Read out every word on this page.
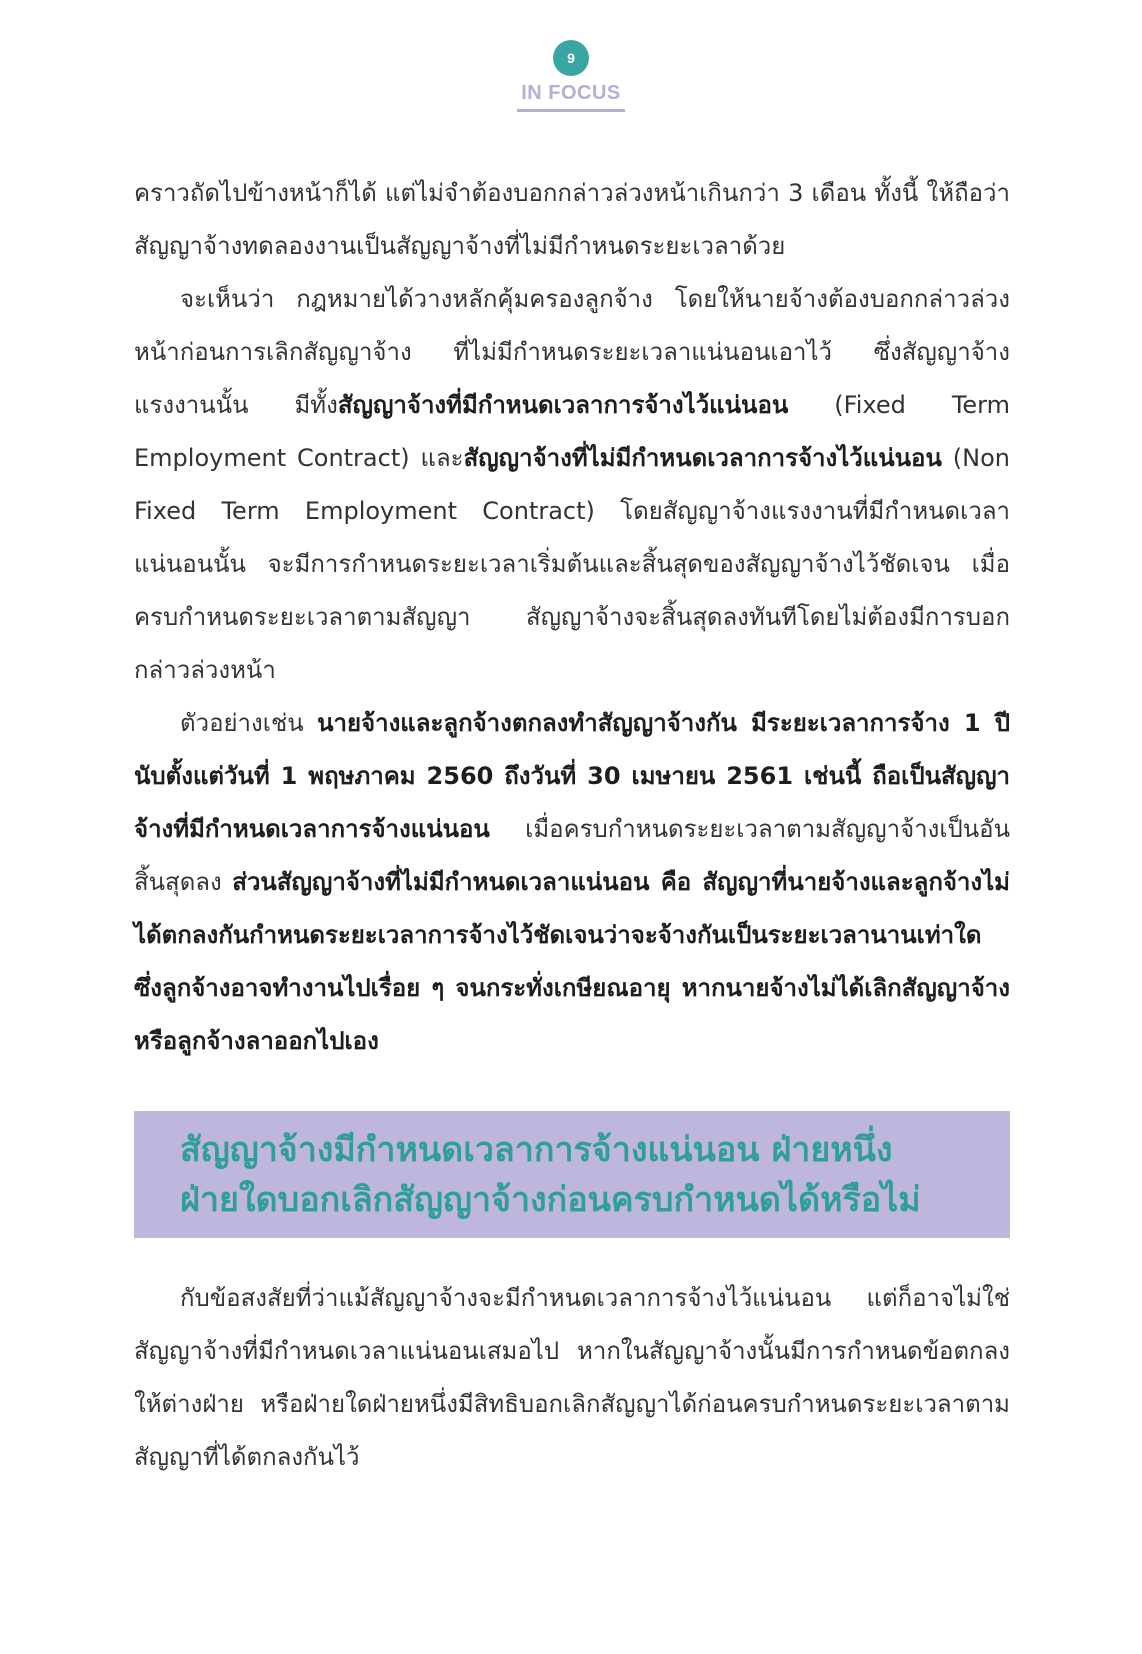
9
IN FOCUS

คราวถัดไปข้างหน้าก็ได้ แต่ไม่จำต้องบอกกล่าวล่วงหน้าเกินกว่า 3 เดือน ทั้งนี้ ให้ถือว่าสัญญาจ้างทดลองงานเป็นสัญญาจ้างที่ไม่มีกำหนดระยะเวลาด้วย

จะเห็นว่า กฎหมายได้วางหลักคุ้มครองลูกจ้าง โดยให้นายจ้างต้องบอกกล่าวล่วงหน้าก่อนการเลิกสัญญาจ้าง ที่ไม่มีกำหนดระยะเวลาแน่นอนเอาไว้ ซึ่งสัญญาจ้างแรงงานนั้น มีทั้งสัญญาจ้างที่มีกำหนดเวลาการจ้างไว้แน่นอน (Fixed Term Employment Contract) และสัญญาจ้างที่ไม่มีกำหนดเวลาการจ้างไว้แน่นอน (Non Fixed Term Employment Contract) โดยสัญญาจ้างแรงงานที่มีกำหนดเวลาแน่นอนนั้น จะมีการกำหนดระยะเวลาเริ่มต้นและสิ้นสุดของสัญญาจ้างไว้ชัดเจน เมื่อครบกำหนดระยะเวลาตามสัญญา สัญญาจ้างจะสิ้นสุดลงทันทีโดยไม่ต้องมีการบอกกล่าวล่วงหน้า

ตัวอย่างเช่น นายจ้างและลูกจ้างตกลงทำสัญญาจ้างกัน มีระยะเวลาการจ้าง 1 ปี นับตั้งแต่วันที่ 1 พฤษภาคม 2560 ถึงวันที่ 30 เมษายน 2561 เช่นนี้ ถือเป็นสัญญาจ้างที่มีกำหนดเวลาการจ้างแน่นอน เมื่อครบกำหนดระยะเวลาตามสัญญาจ้างเป็นอันสิ้นสุดลง ส่วนสัญญาจ้างที่ไม่มีกำหนดเวลาแน่นอน คือ สัญญาที่นายจ้างและลูกจ้างไม่ได้ตกลงกันกำหนดระยะเวลาการจ้างไว้ชัดเจนว่าจะจ้างกันเป็นระยะเวลานานเท่าใด ซึ่งลูกจ้างอาจทำงานไปเรื่อย ๆ จนกระทั่งเกษียณอายุ หากนายจ้างไม่ได้เลิกสัญญาจ้าง หรือลูกจ้างลาออกไปเอง

สัญญาจ้างมีกำหนดเวลาการจ้างแน่นอน ฝ่ายหนึ่ง
ฝ่ายใดบอกเลิกสัญญาจ้างก่อนครบกำหนดได้หรือไม่

กับข้อสงสัยที่ว่าแม้สัญญาจ้างจะมีกำหนดเวลาการจ้างไว้แน่นอน แต่ก็อาจไม่ใช่สัญญาจ้างที่มีกำหนดเวลาแน่นอนเสมอไป หากในสัญญาจ้างนั้นมีการกำหนดข้อตกลงให้ต่างฝ่าย หรือฝ่ายใดฝ่ายหนึ่งมีสิทธิบอกเลิกสัญญาได้ก่อนครบกำหนดระยะเวลาตามสัญญาที่ได้ตกลงกันไว้
